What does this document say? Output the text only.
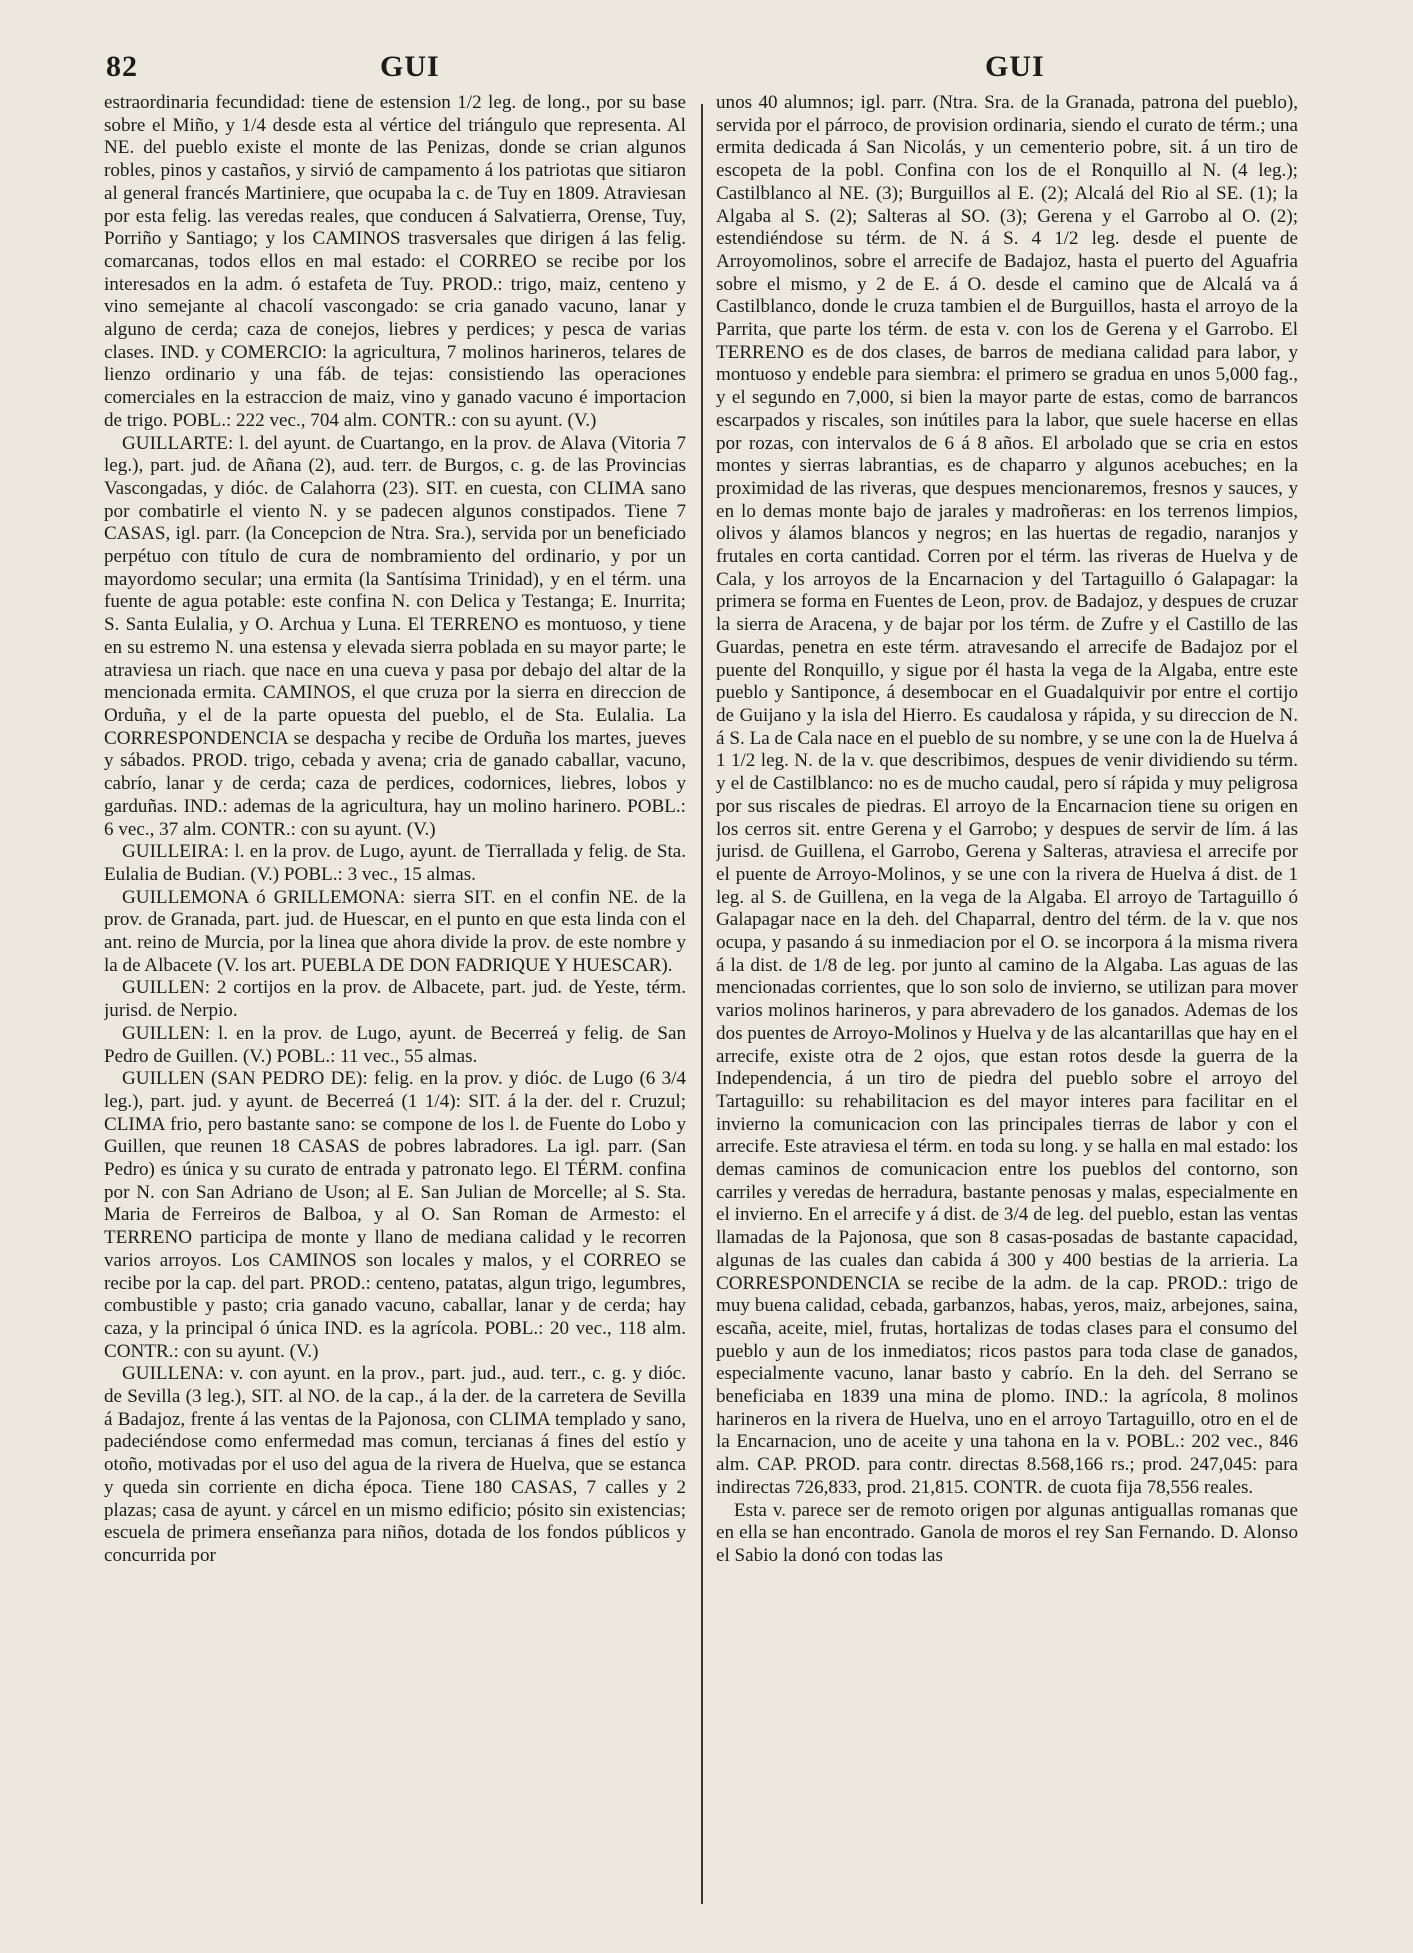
82	GUI	GUI

estraordinaria fecundidad: tiene de estension 1/2 leg. de long., por su base sobre el Miño, y 1/4 desde esta al vértice del triángulo que representa. Al NE. del pueblo existe el monte de las Penizas, donde se crian algunos robles, pinos y castaños, y sirvió de campamento á los patriotas que sitiaron al general francés Martiniere, que ocupaba la c. de Tuy en 1809. Atraviesan por esta felig. las veredas reales, que conducen á Salvatierra, Orense, Tuy, Porriño y Santiago; y los CAMINOS trasversales que dirigen á las felig. comarcanas, todos ellos en mal estado: el CORREO se recibe por los interesados en la adm. ó estafeta de Tuy. PROD.: trigo, maiz, centeno y vino semejante al chacolí vascongado: se cria ganado vacuno, lanar y alguno de cerda; caza de conejos, liebres y perdices; y pesca de varias clases. IND. y COMERCIO: la agricultura, 7 molinos harineros, telares de lienzo ordinario y una fáb. de tejas: consistiendo las operaciones comerciales en la estraccion de maiz, vino y ganado vacuno é importacion de trigo. POBL.: 222 vec., 704 alm. CONTR.: con su ayunt. (V.)

GUILLARTE: l. del ayunt. de Cuartango, en la prov. de Alava (Vitoria 7 leg.), part. jud. de Añana (2), aud. terr. de Burgos, c. g. de las Provincias Vascongadas, y dióc. de Calahorra (23). SIT. en cuesta, con CLIMA sano por combatirle el viento N. y se padecen algunos constipados. Tiene 7 CASAS, igl. parr. (la Concepcion de Ntra. Sra.), servida por un beneficiado perpétuo con título de cura de nombramiento del ordinario, y por un mayordomo secular; una ermita (la Santísima Trinidad), y en el térm. una fuente de agua potable: este confina N. con Delica y Testanga; E. Inurrita; S. Santa Eulalia, y O. Archua y Luna. El TERRENO es montuoso, y tiene en su estremo N. una estensa y elevada sierra poblada en su mayor parte; le atraviesa un riach. que nace en una cueva y pasa por debajo del altar de la mencionada ermita. CAMINOS, el que cruza por la sierra en direccion de Orduña, y el de la parte opuesta del pueblo, el de Sta. Eulalia. La CORRESPONDENCIA se despacha y recibe de Orduña los martes, jueves y sábados. PROD. trigo, cebada y avena; cria de ganado caballar, vacuno, cabrío, lanar y de cerda; caza de perdices, codornices, liebres, lobos y garduñas. IND.: ademas de la agricultura, hay un molino harinero. POBL.: 6 vec., 37 alm. CONTR.: con su ayunt. (V.)

GUILLEIRA: l. en la prov. de Lugo, ayunt. de Tierrallada y felig. de Sta. Eulalia de Budian. (V.) POBL.: 3 vec., 15 almas.

GUILLEMONA ó GRILLEMONA: sierra SIT. en el confin NE. de la prov. de Granada, part. jud. de Huescar, en el punto en que esta linda con el ant. reino de Murcia, por la linea que ahora divide la prov. de este nombre y la de Albacete (V. los art. PUEBLA DE DON FADRIQUE Y HUESCAR).

GUILLEN: 2 cortijos en la prov. de Albacete, part. jud. de Yeste, térm. jurisd. de Nerpio.

GUILLEN: l. en la prov. de Lugo, ayunt. de Becerreá y felig. de San Pedro de Guillen. (V.) POBL.: 11 vec., 55 almas.

GUILLEN (SAN PEDRO DE): felig. en la prov. y dióc. de Lugo (6 3/4 leg.), part. jud. y ayunt. de Becerreá (1 1/4): SIT. á la der. del r. Cruzul; CLIMA frio, pero bastante sano: se compone de los l. de Fuente do Lobo y Guillen, que reunen 18 CASAS de pobres labradores. La igl. parr. (San Pedro) es única y su curato de entrada y patronato lego. El TÉRM. confina por N. con San Adriano de Uson; al E. San Julian de Morcelle; al S. Sta. Maria de Ferreiros de Balboa, y al O. San Roman de Armesto: el TERRENO participa de monte y llano de mediana calidad y le recorren varios arroyos. Los CAMINOS son locales y malos, y el CORREO se recibe por la cap. del part. PROD.: centeno, patatas, algun trigo, legumbres, combustible y pasto; cria ganado vacuno, caballar, lanar y de cerda; hay caza, y la principal ó única IND. es la agrícola. POBL.: 20 vec., 118 alm. CONTR.: con su ayunt. (V.)

GUILLENA: v. con ayunt. en la prov., part. jud., aud. terr., c. g. y dióc. de Sevilla (3 leg.), SIT. al NO. de la cap., á la der. de la carretera de Sevilla á Badajoz, frente á las ventas de la Pajonosa, con CLIMA templado y sano, padeciéndose como enfermedad mas comun, tercianas á fines del estío y otoño, motivadas por el uso del agua de la rivera de Huelva, que se estanca y queda sin corriente en dicha época. Tiene 180 CASAS, 7 calles y 2 plazas; casa de ayunt. y cárcel en un mismo edificio; pósito sin existencias; escuela de primera enseñanza para niños, dotada de los fondos públicos y concurrida por

unos 40 alumnos; igl. parr. (Ntra. Sra. de la Granada, patrona del pueblo), servida por el párroco, de provision ordinaria, siendo el curato de térm.; una ermita dedicada á San Nicolás, y un cementerio pobre, sit. á un tiro de escopeta de la pobl. Confina con los de el Ronquillo al N. (4 leg.); Castilblanco al NE. (3); Burguillos al E. (2); Alcalá del Rio al SE. (1); la Algaba al S. (2); Salteras al SO. (3); Gerena y el Garrobo al O. (2); estendiéndose su térm. de N. á S. 4 1/2 leg. desde el puente de Arroyomolinos, sobre el arrecife de Badajoz, hasta el puerto del Aguafria sobre el mismo, y 2 de E. á O. desde el camino que de Alcalá va á Castilblanco, donde le cruza tambien el de Burguillos, hasta el arroyo de la Parrita, que parte los térm. de esta v. con los de Gerena y el Garrobo. El TERRENO es de dos clases, de barros de mediana calidad para labor, y montuoso y endeble para siembra: el primero se gradua en unos 5,000 fag., y el segundo en 7,000, si bien la mayor parte de estas, como de barrancos escarpados y riscales, son inútiles para la labor, que suele hacerse en ellas por rozas, con intervalos de 6 á 8 años. El arbolado que se cria en estos montes y sierras labrantias, es de chaparro y algunos acebuches; en la proximidad de las riveras, que despues mencionaremos, fresnos y sauces, y en lo demas monte bajo de jarales y madroñeras: en los terrenos limpios, olivos y álamos blancos y negros; en las huertas de regadio, naranjos y frutales en corta cantidad. Corren por el térm. las riveras de Huelva y de Cala, y los arroyos de la Encarnacion y del Tartaguillo ó Galapagar: la primera se forma en Fuentes de Leon, prov. de Badajoz, y despues de cruzar la sierra de Aracena, y de bajar por los térm. de Zufre y el Castillo de las Guardas, penetra en este térm. atravesando el arrecife de Badajoz por el puente del Ronquillo, y sigue por él hasta la vega de la Algaba, entre este pueblo y Santiponce, á desembocar en el Guadalquivir por entre el cortijo de Guijano y la isla del Hierro. Es caudalosa y rápida, y su direccion de N. á S. La de Cala nace en el pueblo de su nombre, y se une con la de Huelva á 1 1/2 leg. N. de la v. que describimos, despues de venir dividiendo su térm. y el de Castilblanco: no es de mucho caudal, pero sí rápida y muy peligrosa por sus riscales de piedras. El arroyo de la Encarnacion tiene su origen en los cerros sit. entre Gerena y el Garrobo; y despues de servir de lím. á las jurisd. de Guillena, el Garrobo, Gerena y Salteras, atraviesa el arrecife por el puente de Arroyo-Molinos, y se une con la rivera de Huelva á dist. de 1 leg. al S. de Guillena, en la vega de la Algaba. El arroyo de Tartaguillo ó Galapagar nace en la deh. del Chaparral, dentro del térm. de la v. que nos ocupa, y pasando á su inmediacion por el O. se incorpora á la misma rivera á la dist. de 1/8 de leg. por junto al camino de la Algaba. Las aguas de las mencionadas corrientes, que lo son solo de invierno, se utilizan para mover varios molinos harineros, y para abrevadero de los ganados. Ademas de los dos puentes de Arroyo-Molinos y Huelva y de las alcantarillas que hay en el arrecife, existe otra de 2 ojos, que estan rotos desde la guerra de la Independencia, á un tiro de piedra del pueblo sobre el arroyo del Tartaguillo: su rehabilitacion es del mayor interes para facilitar en el invierno la comunicacion con las principales tierras de labor y con el arrecife. Este atraviesa el térm. en toda su long. y se halla en mal estado: los demas caminos de comunicacion entre los pueblos del contorno, son carriles y veredas de herradura, bastante penosas y malas, especialmente en el invierno. En el arrecife y á dist. de 3/4 de leg. del pueblo, estan las ventas llamadas de la Pajonosa, que son 8 casas-posadas de bastante capacidad, algunas de las cuales dan cabida á 300 y 400 bestias de la arrieria. La CORRESPONDENCIA se recibe de la adm. de la cap. PROD.: trigo de muy buena calidad, cebada, garbanzos, habas, yeros, maiz, arbejones, saina, escaña, aceite, miel, frutas, hortalizas de todas clases para el consumo del pueblo y aun de los inmediatos; ricos pastos para toda clase de ganados, especialmente vacuno, lanar basto y cabrío. En la deh. del Serrano se beneficiaba en 1839 una mina de plomo. IND.: la agrícola, 8 molinos harineros en la rivera de Huelva, uno en el arroyo Tartaguillo, otro en el de la Encarnacion, uno de aceite y una tahona en la v. POBL.: 202 vec., 846 alm. CAP. PROD. para contr. directas 8.568,166 rs.; prod. 247,045: para indirectas 726,833, prod. 21,815. CONTR. de cuota fija 78,556 reales.

Esta v. parece ser de remoto origen por algunas antiguallas romanas que en ella se han encontrado. Ganola de moros el rey San Fernando. D. Alonso el Sabio la donó con todas las
